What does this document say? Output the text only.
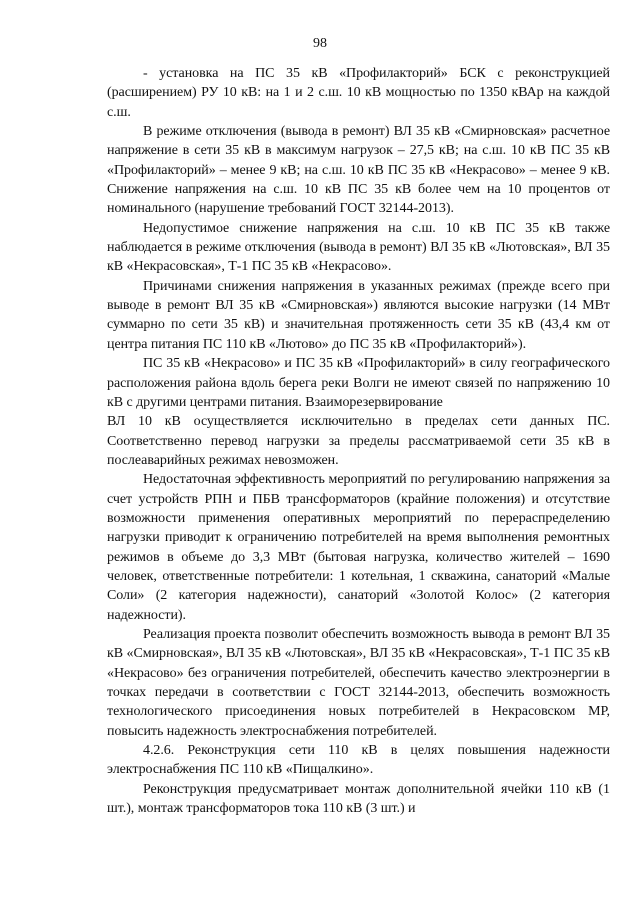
98

- установка на ПС 35 кВ «Профилакторий» БСК с реконструкцией (расширением) РУ 10 кВ: на 1 и 2 с.ш. 10 кВ мощностью по 1350 кВАр на каждой с.ш.

В режиме отключения (вывода в ремонт) ВЛ 35 кВ «Смирновская» расчетное напряжение в сети 35 кВ в максимум нагрузок – 27,5 кВ; на с.ш. 10 кВ ПС 35 кВ «Профилакторий» – менее 9 кВ; на с.ш. 10 кВ ПС 35 кВ «Некрасово» – менее 9 кВ. Снижение напряжения на с.ш. 10 кВ ПС 35 кВ более чем на 10 процентов от номинального (нарушение требований ГОСТ 32144-2013).

Недопустимое снижение напряжения на с.ш. 10 кВ ПС 35 кВ также наблюдается в режиме отключения (вывода в ремонт) ВЛ 35 кВ «Лютовская», ВЛ 35 кВ «Некрасовская», Т-1 ПС 35 кВ «Некрасово».

Причинами снижения напряжения в указанных режимах (прежде всего при выводе в ремонт ВЛ 35 кВ «Смирновская») являются высокие нагрузки (14 МВт суммарно по сети 35 кВ) и значительная протяженность сети 35 кВ (43,4 км от центра питания ПС 110 кВ «Лютово» до ПС 35 кВ «Профилакторий»).

ПС 35 кВ «Некрасово» и ПС 35 кВ «Профилакторий» в силу географического расположения района вдоль берега реки Волги не имеют связей по напряжению 10 кВ с другими центрами питания. Взаиморезервирование

ВЛ 10 кВ осуществляется исключительно в пределах сети данных ПС. Соответственно перевод нагрузки за пределы рассматриваемой сети 35 кВ в послеаварийных режимах невозможен.

Недостаточная эффективность мероприятий по регулированию напряжения за счет устройств РПН и ПБВ трансформаторов (крайние положения) и отсутствие возможности применения оперативных мероприятий по перераспределению нагрузки приводит к ограничению потребителей на время выполнения ремонтных режимов в объеме до 3,3 МВт (бытовая нагрузка, количество жителей – 1690 человек, ответственные потребители: 1 котельная, 1 скважина, санаторий «Малые Соли» (2 категория надежности), санаторий «Золотой Колос» (2 категория надежности).

Реализация проекта позволит обеспечить возможность вывода в ремонт ВЛ 35 кВ «Смирновская», ВЛ 35 кВ «Лютовская», ВЛ 35 кВ «Некрасовская», Т-1 ПС 35 кВ «Некрасово» без ограничения потребителей, обеспечить качество электроэнергии в точках передачи в соответствии с ГОСТ 32144-2013, обеспечить возможность технологического присоединения новых потребителей в Некрасовском МР, повысить надежность электроснабжения потребителей.

4.2.6. Реконструкция сети 110 кВ в целях повышения надежности электроснабжения ПС 110 кВ «Пищалкино».

Реконструкция предусматривает монтаж дополнительной ячейки 110 кВ (1 шт.), монтаж трансформаторов тока 110 кВ (3 шт.) и
